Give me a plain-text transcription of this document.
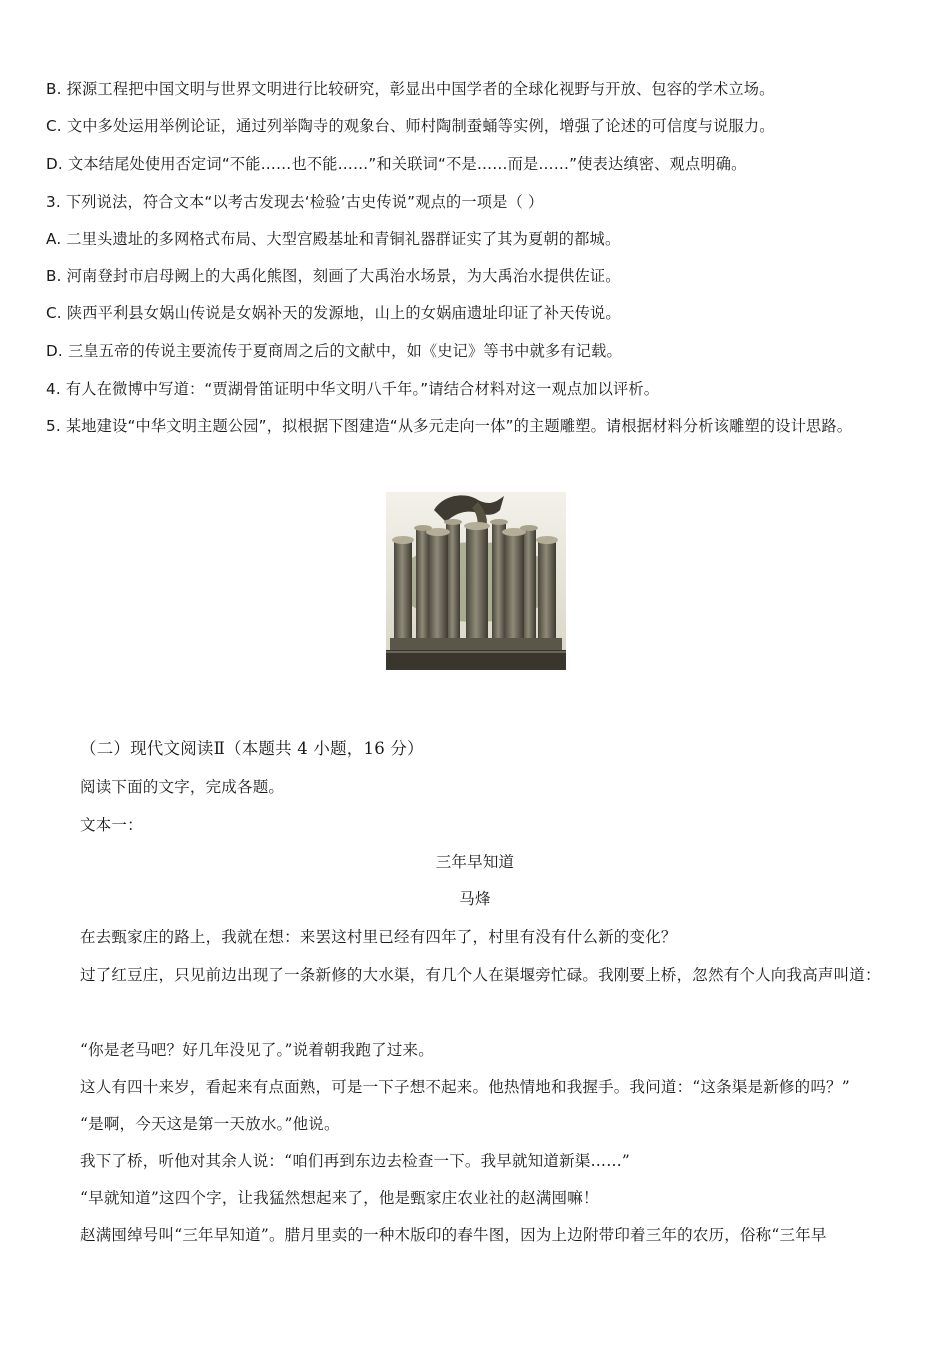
B. 探源工程把中国文明与世界文明进行比较研究，彰显出中国学者的全球化视野与开放、包容的学术立场。
C. 文中多处运用举例论证，通过列举陶寺的观象台、师村陶制蚕蛹等实例，增强了论述的可信度与说服力。
D. 文本结尾处使用否定词“不能……也不能……”和关联词“不是……而是……”使表达缜密、观点明确。
3. 下列说法，符合文本“以考古发现去‘检验’古史传说”观点的一项是（ ）
A. 二里头遗址的多网格式布局、大型宫殿基址和青铜礼器群证实了其为夏朝的都城。
B. 河南登封市启母阙上的大禹化熊图，刻画了大禹治水场景，为大禹治水提供佐证。
C. 陕西平利县女娲山传说是女娲补天的发源地，山上的女娲庙遗址印证了补天传说。
D. 三皇五帝的传说主要流传于夏商周之后的文献中，如《史记》等书中就多有记载。
4. 有人在微博中写道：“贾湖骨笛证明中华文明八千年。”请结合材料对这一观点加以评析。
5. 某地建设“中华文明主题公园”，拟根据下图建造“从多元走向一体”的主题雕塑。请根据材料分析该雕塑的设计思路。
（二）现代文阅读Ⅱ（本题共 4 小题，16 分）
阅读下面的文字，完成各题。
文本一：
三年早知道
马烽
在去甄家庄的路上，我就在想：来罢这村里已经有四年了，村里有没有什么新的变化？
过了红豆庄，只见前边出现了一条新修的大水渠，有几个人在渠堰旁忙碌。我刚要上桥，忽然有个人向我高声叫道：
“你是老马吧？好几年没见了。”说着朝我跑了过来。
这人有四十来岁，看起来有点面熟，可是一下子想不起来。他热情地和我握手。我问道：“这条渠是新修的吗？”
“是啊，今天这是第一天放水。”他说。
我下了桥，听他对其余人说：“咱们再到东边去检查一下。我早就知道新渠……”
“早就知道”这四个字，让我猛然想起来了，他是甄家庄农业社的赵满囤嘛！
赵满囤绰号叫“三年早知道”。腊月里卖的一种木版印的春牛图，因为上边附带印着三年的农历，俗称“三年早
